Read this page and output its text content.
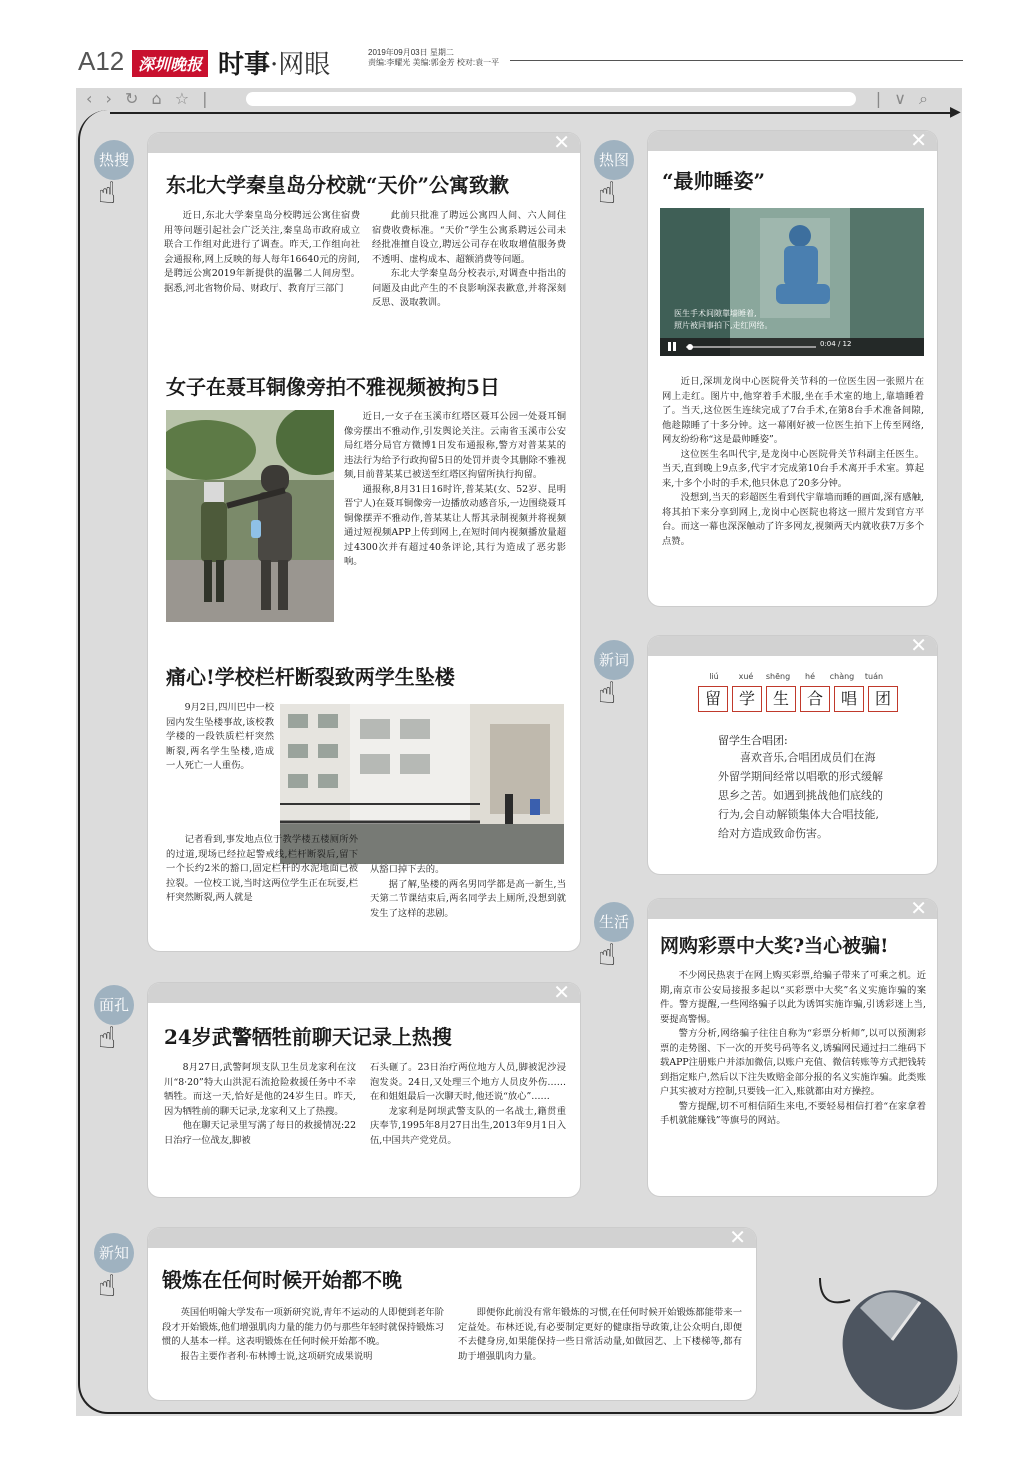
A12 深圳晚报 时事·网眼	2019年09月03日 星期二
责编:李耀光 美编:郭金芳 校对:袁一平
‹ › ↻ ⌂ ☆ |	| ∨ ⌕
▶
✕
东北大学秦皇岛分校就“天价”公寓致歉
近日,东北大学秦皇岛分校聘远公寓住宿费用等问题引起社会广泛关注,秦皇岛市政府成立联合工作组对此进行了调查。昨天,工作组向社会通报称,网上反映的每人每年16640元的房间,是聘远公寓2019年新提供的温馨二人间房型。据悉,河北省物价局、财政厅、教育厅三部门

此前只批准了聘远公寓四人间、六人间住宿费收费标准。“天价”学生公寓系聘远公司未经批准擅自设立,聘远公司存在收取增值服务费不透明、虚构成本、超额消费等问题。

东北大学秦皇岛分校表示,对调查中指出的问题及由此产生的不良影响深表歉意,并将深刻反思、汲取教训。

女子在聂耳铜像旁拍不雅视频被拘5日

近日,一女子在玉溪市红塔区聂耳公园一处聂耳铜像旁摆出不雅动作,引发舆论关注。云南省玉溪市公安局红塔分局官方微博1日发布通报称,警方对普某某的违法行为给予行政拘留5日的处罚并责令其删除不雅视频,目前普某某已被送至红塔区拘留所执行拘留。

通报称,8月31日16时许,普某某(女、52岁、昆明晋宁人)在聂耳铜像旁一边播放动感音乐,一边围绕聂耳铜像摆弄不雅动作,普某某让人帮其录制视频并将视频通过短视频APP上传到网上,在短时间内视频播放量超过4300次并有超过40条评论,其行为造成了恶劣影响。

痛心!学校栏杆断裂致两学生坠楼

9月2日,四川巴中一校园内发生坠楼事故,该校教学楼的一段铁质栏杆突然断裂,两名学生坠楼,造成一人死亡一人重伤。

记者看到,事发地点位于教学楼五楼厕所外的过道,现场已经拉起警戒线,栏杆断裂后,留下一个长约2米的豁口,固定栏杆的水泥地面已被拉裂。一位校工说,当时这两位学生正在玩耍,栏杆突然断裂,两人就是

从豁口掉下去的。

据了解,坠楼的两名男同学都是高一新生,当天第二节课结束后,两名同学去上厕所,没想到就发生了这样的悲剧。

✕
“最帅睡姿”
医生手术间隙靠墙睡着,
照片被同事拍下,走红网络。
0:04 / 12

近日,深圳龙岗中心医院骨关节科的一位医生因一张照片在网上走红。图片中,他穿着手术服,坐在手术室的地上,靠墙睡着了。当天,这位医生连续完成了7台手术,在第8台手术准备间隙,他趁隙睡了十多分钟。这一幕刚好被一位医生拍下上传至网络,网友纷纷称“这是最帅睡姿”。

这位医生名叫代宇,是龙岗中心医院骨关节科副主任医生。当天,直到晚上9点多,代宇才完成第10台手术离开手术室。算起来,十多个小时的手术,他只休息了20多分钟。

没想到,当天的彩超医生看到代宇靠墙而睡的画面,深有感触,将其拍下来分享到网上,龙岗中心医院也将这一照片发到官方平台。而这一幕也深深触动了许多网友,视频两天内就收获7万多个点赞。

✕
liú	xué	shēng	hé	chàng	tuán
留	学	生	合	唱	团
留学生合唱团:
喜欢音乐,合唱团成员们在海外留学期间经常以唱歌的形式缓解思乡之苦。如遇到挑战他们底线的行为,会自动解锁集体大合唱技能,给对方造成致命伤害。
✕
网购彩票中大奖?当心被骗!

不少网民热衷于在网上购买彩票,给骗子带来了可乘之机。近期,南京市公安局接报多起以“买彩票中大奖”名义实施诈骗的案件。警方提醒,一些网络骗子以此为诱饵实施诈骗,引诱彩迷上当,要提高警惕。

警方分析,网络骗子往往自称为“彩票分析师”,以可以预测彩票的走势图、下一次的开奖号码等名义,诱骗网民通过扫二维码下载APP注册账户并添加微信,以账户充值、微信转账等方式把钱转到指定账户,然后以下注失败赔金部分报的名义实施诈骗。此类账户其实被对方控制,只要钱一汇入,账就都由对方操控。

警方提醒,切不可相信陌生来电,不要轻易相信打着“在家拿着手机就能赚钱”等旗号的网站。

✕
24岁武警牺牲前聊天记录上热搜

8月27日,武警阿坝支队卫生员龙家利在汶川“8·20”特大山洪泥石流抢险救援任务中不幸牺牲。而这一天,恰好是他的24岁生日。昨天,因为牺牲前的聊天记录,龙家利又上了热搜。

他在聊天记录里写满了每日的救援情况:22日治疗一位战友,脚被

石头砸了。23日治疗两位地方人员,脚被泥沙浸泡发炎。24日,又处理三个地方人员皮外伤……在和姐姐最后一次聊天时,他还说“放心”……

龙家利是阿坝武警支队的一名战士,籍贯重庆奉节,1995年8月27日出生,2013年9月1日入伍,中国共产党党员。

✕
锻炼在任何时候开始都不晚

英国伯明翰大学发布一项新研究说,青年不运动的人即便到老年阶段才开始锻炼,他们增强肌肉力量的能力仍与那些年轻时就保持锻炼习惯的人基本一样。这表明锻炼在任何时候开始都不晚。

报告主要作者利·布林博士说,这项研究成果说明

即便你此前没有常年锻炼的习惯,在任何时候开始锻炼都能带来一定益处。布林还说,有必要制定更好的健康指导政策,让公众明白,即便不去健身房,如果能保持一些日常活动量,如做园艺、上下楼梯等,都有助于增强肌肉力量。

热搜
☝
热图
☝
新词
☝
生活
☝
面孔
☝
新知
☝
